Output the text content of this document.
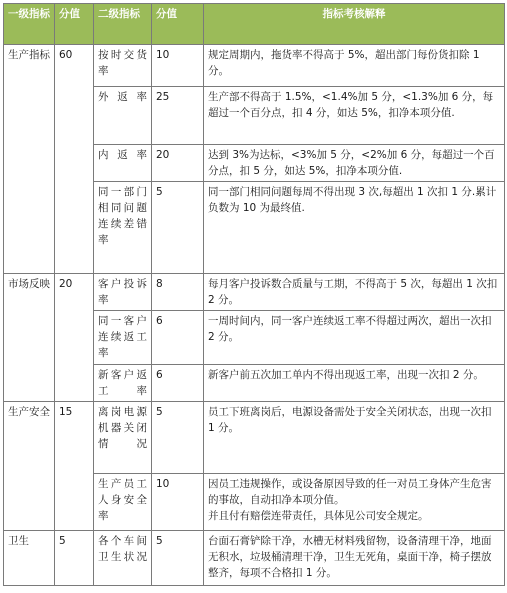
一级指标	分值	二级指标	分值	指标考核解释
生产指标	60	按时交货率	10	规定周期内，拖货率不得高于 5%，超出部门每份货扣除 1 分。
		外返率	25	生产部不得高于 1.5%，<1.4%加 5 分，<1.3%加 6 分，每超过一个百分点，扣 4 分，如达 5%，扣净本项分值.
		内返率	20	达到 3%为达标，<3%加 5 分，<2%加 6 分，每超过一个百分点，扣 5 分，如达 5%，扣净本项分值.
		同一部门相同问题连续差错率	5	同一部门相同问题每周不得出现 3 次,每超出 1 次扣 1 分.累计负数为 10 为最终值.
市场反映	20	客户投诉率	8	每月客户投诉数合质量与工期，不得高于 5 次，每超出 1 次扣 2 分。
		同一客户连续返工率	6	一周时间内，同一客户连续返工率不得超过两次，超出一次扣 2 分。
		新客户返工率	6	新客户前五次加工单内不得出现返工率，出现一次扣 2 分。
生产安全	15	离岗电源机器关闭情况	5	员工下班离岗后，电源设备需处于安全关闭状态，出现一次扣 1 分。
		生产员工人身安全率	10	因员工违规操作，或设备原因导致的任一对员工身体产生危害的事故，自动扣净本项分值。
并且付有赔偿连带责任，具体见公司安全规定。
卫生	5	各个车间卫生状况	5	台面石膏铲除干净，水槽无材料残留物，设备清理干净，地面无积水，垃圾桶清理干净，卫生无死角，桌面干净，椅子摆放整齐，每项不合格扣 1 分。
